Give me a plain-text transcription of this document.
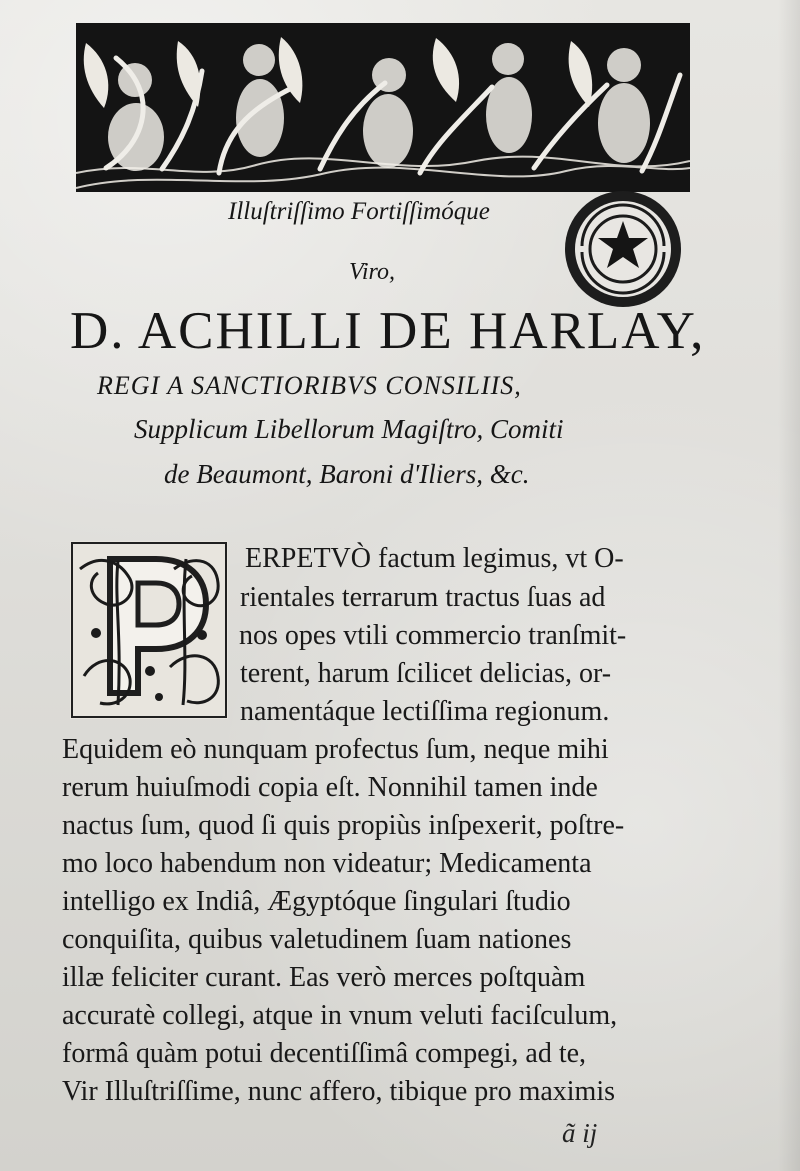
Illuſtriſſimo Fortiſſimóque
Viro,
D. ACHILLI DE HARLAY,
REGI A SANCTIORIBVS CONSILIIS,
Supplicum Libellorum Magiſtro, Comiti
de Beaumont, Baroni d'Iliers, &c.
ERPETVÒ factum legimus, vt O-
rientales terrarum tractus ſuas ad
nos opes vtili commercio tranſmit-
terent, harum ſcilicet delicias, or-
namentáque lectiſſima regionum.
Equidem eò nunquam profectus ſum, neque mihi
rerum huiuſmodi copia eſt. Nonnihil tamen inde
nactus ſum, quod ſi quis propiùs inſpexerit, poſtre-
mo loco habendum non videatur; Medicamenta
intelligo ex Indiâ, Ægyptóque ſingulari ſtudio
conquiſita, quibus valetudinem ſuam nationes
illæ feliciter curant. Eas verò merces poſtquàm
accuratè collegi, atque in vnum veluti faciſculum,
formâ quàm potui decentiſſimâ compegi, ad te,
Vir Illuſtriſſime, nunc affero, tibique pro maximis
ã ij
